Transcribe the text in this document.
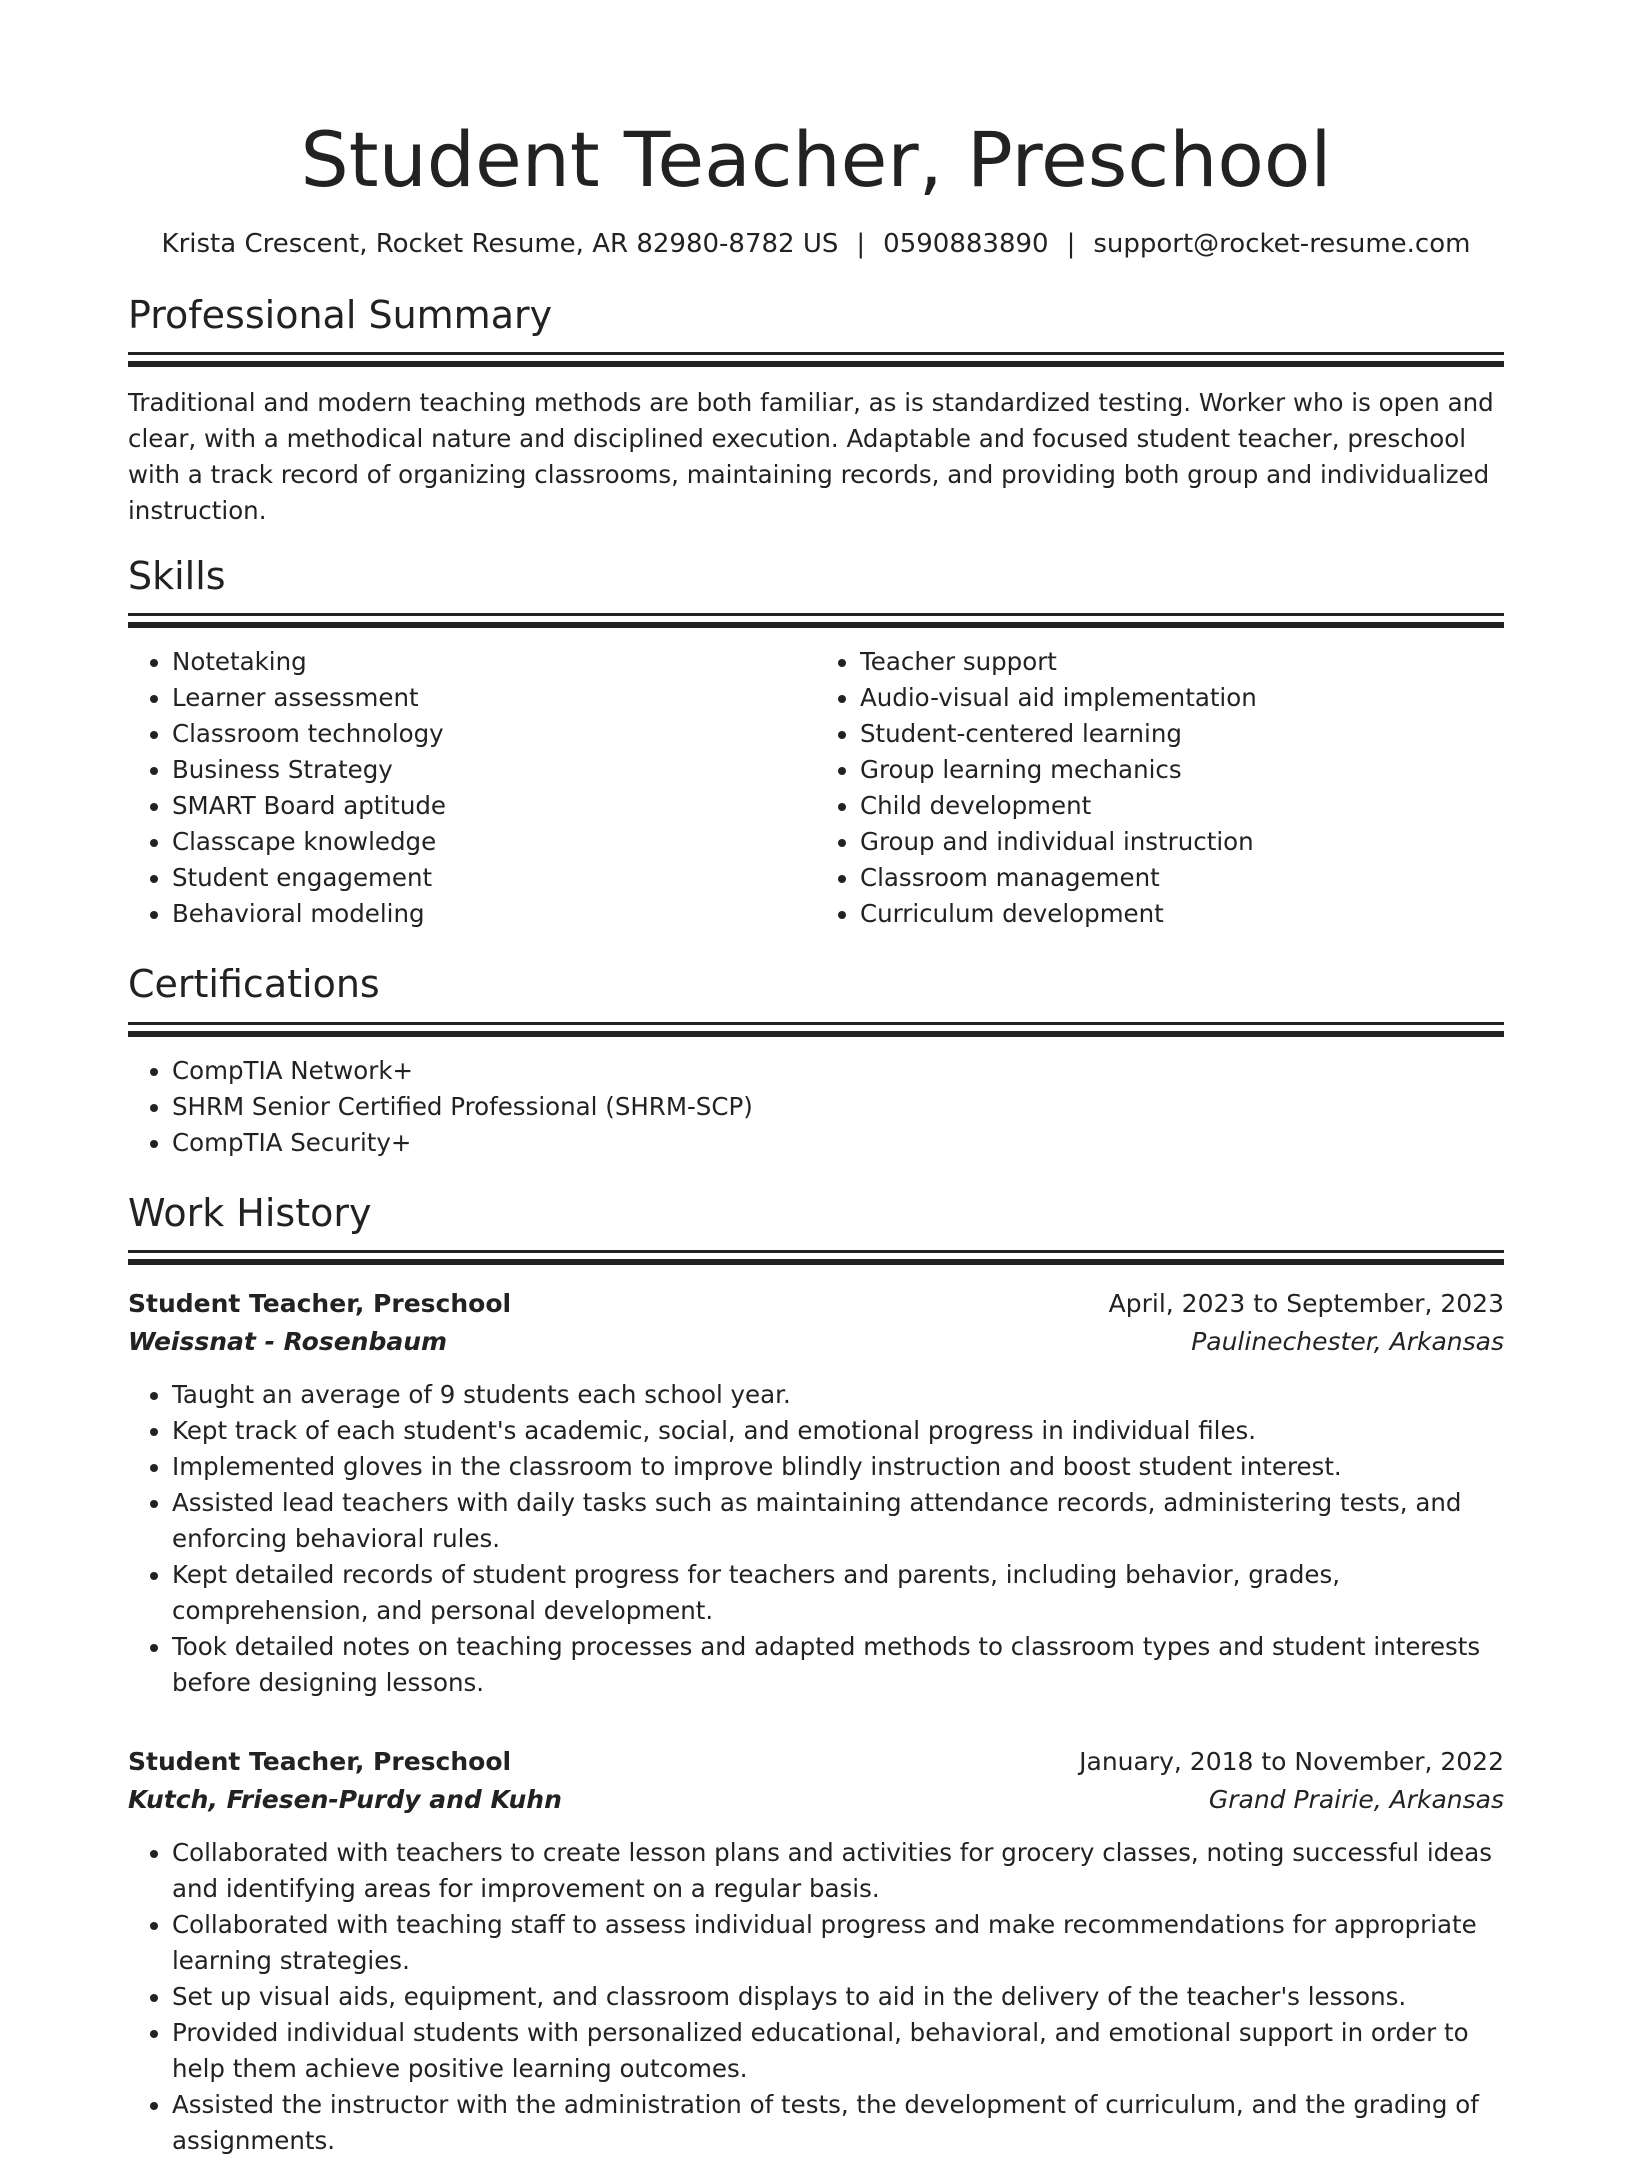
Student Teacher, Preschool
Krista Crescent, Rocket Resume, AR 82980-8782 US | 0590883890 | support@rocket-resume.com
Professional Summary

Traditional and modern teaching methods are both familiar, as is standardized testing. Worker who is open and clear, with a methodical nature and disciplined execution. Adaptable and focused student teacher, preschool with a track record of organizing classrooms, maintaining records, and providing both group and individualized instruction.

Skills
• Notetaking
• Learner assessment
• Classroom technology
• Business Strategy
• SMART Board aptitude
• Classcape knowledge
• Student engagement
• Behavioral modeling
• Teacher support
• Audio-visual aid implementation
• Student-centered learning
• Group learning mechanics
• Child development
• Group and individual instruction
• Classroom management
• Curriculum development
Certifications
• CompTIA Network+
• SHRM Senior Certified Professional (SHRM-SCP)
• CompTIA Security+
Work History
Student Teacher, Preschool	April, 2023 to September, 2023
Weissnat - Rosenbaum	Paulinechester, Arkansas
• Taught an average of 9 students each school year.
• Kept track of each student's academic, social, and emotional progress in individual files.
• Implemented gloves in the classroom to improve blindly instruction and boost student interest.
• Assisted lead teachers with daily tasks such as maintaining attendance records, administering tests, and enforcing behavioral rules.
• Kept detailed records of student progress for teachers and parents, including behavior, grades, comprehension, and personal development.
• Took detailed notes on teaching processes and adapted methods to classroom types and student interests before designing lessons.
Student Teacher, Preschool	January, 2018 to November, 2022
Kutch, Friesen-Purdy and Kuhn	Grand Prairie, Arkansas
• Collaborated with teachers to create lesson plans and activities for grocery classes, noting successful ideas and identifying areas for improvement on a regular basis.
• Collaborated with teaching staff to assess individual progress and make recommendations for appropriate learning strategies.
• Set up visual aids, equipment, and classroom displays to aid in the delivery of the teacher's lessons.
• Provided individual students with personalized educational, behavioral, and emotional support in order to help them achieve positive learning outcomes.
• Assisted the instructor with the administration of tests, the development of curriculum, and the grading of assignments.
